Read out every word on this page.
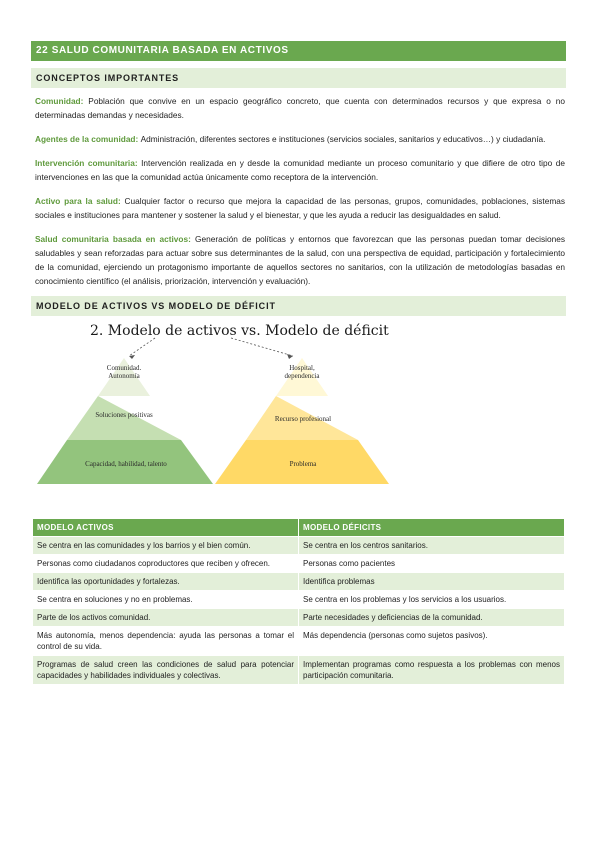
22 SALUD COMUNITARIA BASADA EN ACTIVOS
CONCEPTOS IMPORTANTES

Comunidad: Población que convive en un espacio geográfico concreto, que cuenta con determinados recursos y que expresa o no determinadas demandas y necesidades.

Agentes de la comunidad: Administración, diferentes sectores e instituciones (servicios sociales, sanitarios y educativos…) y ciudadanía.

Intervención comunitaria: Intervención realizada en y desde la comunidad mediante un proceso comunitario y que difiere de otro tipo de intervenciones en las que la comunidad actúa únicamente como receptora de la intervención.

Activo para la salud: Cualquier factor o recurso que mejora la capacidad de las personas, grupos, comunidades, poblaciones, sistemas sociales e instituciones para mantener y sostener la salud y el bienestar, y que les ayuda a reducir las desigualdades en salud.

Salud comunitaria basada en activos: Generación de políticas y entornos que favorezcan que las personas puedan tomar decisiones saludables y sean reforzadas para actuar sobre sus determinantes de la salud, con una perspectiva de equidad, participación y fortalecimiento de la comunidad, ejerciendo un protagonismo importante de aquellos sectores no sanitarios, con la utilización de metodologías basadas en conocimiento científico (el análisis, priorización, intervención y evaluación).

MODELO DE ACTIVOS VS MODELO DE DÉFICIT
2. Modelo de activos vs. Modelo de déficit
Comunidad. Autonomía
Soluciones positivas
Capacidad, habilidad, talento
Hospital, dependencia
Recurso profesional
Problema
MODELO ACTIVOS	MODELO DÉFICITS
Se centra en las comunidades y los barrios y el bien común.	Se centra en los centros sanitarios.
Personas como ciudadanos coproductores que reciben y ofrecen.	Personas como pacientes
Identifica las oportunidades y fortalezas.	Identifica problemas
Se centra en soluciones y no en problemas.	Se centra en los problemas y los servicios a los usuarios.
Parte de los activos comunidad.	Parte necesidades y deficiencias de la comunidad.
Más autonomía, menos dependencia: ayuda las personas a tomar el control de su vida.	Más dependencia (personas como sujetos pasivos).
Programas de salud creen las condiciones de salud para potenciar capacidades y habilidades individuales y colectivas.	Implementan programas como respuesta a los problemas con menos participación comunitaria.
